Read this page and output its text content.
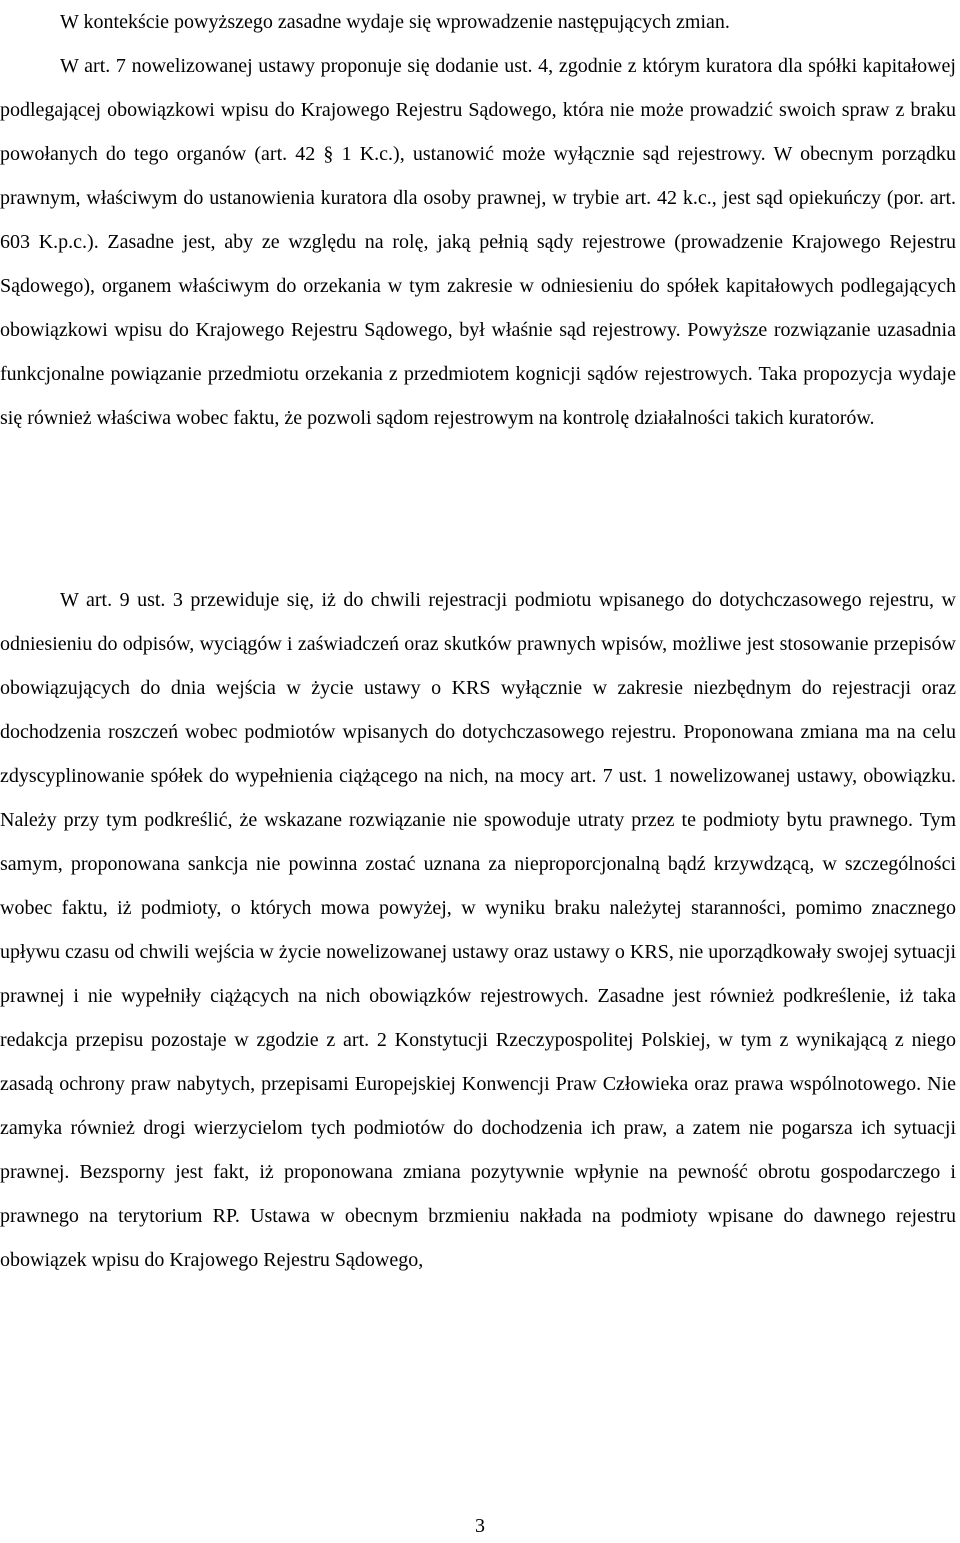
W kontekście powyższego zasadne wydaje się wprowadzenie następujących zmian.

W art. 7 nowelizowanej ustawy proponuje się dodanie ust. 4, zgodnie z którym kuratora dla spółki kapitałowej podlegającej obowiązkowi wpisu do Krajowego Rejestru Sądowego, która nie może prowadzić swoich spraw z braku powołanych do tego organów (art. 42 § 1 K.c.), ustanowić może wyłącznie sąd rejestrowy. W obecnym porządku prawnym, właściwym do ustanowienia kuratora dla osoby prawnej, w trybie art. 42 k.c., jest sąd opiekuńczy (por. art. 603 K.p.c.). Zasadne jest, aby ze względu na rolę, jaką pełnią sądy rejestrowe (prowadzenie Krajowego Rejestru Sądowego), organem właściwym do orzekania w tym zakresie w odniesieniu do spółek kapitałowych podlegających obowiązkowi wpisu do Krajowego Rejestru Sądowego, był właśnie sąd rejestrowy. Powyższe rozwiązanie uzasadnia funkcjonalne powiązanie przedmiotu orzekania z przedmiotem kognicji sądów rejestrowych. Taka propozycja wydaje się również właściwa wobec faktu, że pozwoli sądom rejestrowym na kontrolę działalności takich kuratorów.

W art. 9 ust. 3 przewiduje się, iż do chwili rejestracji podmiotu wpisanego do dotychczasowego rejestru, w odniesieniu do odpisów, wyciągów i zaświadczeń oraz skutków prawnych wpisów, możliwe jest stosowanie przepisów obowiązujących do dnia wejścia w życie ustawy o KRS wyłącznie w zakresie niezbędnym do rejestracji oraz dochodzenia roszczeń wobec podmiotów wpisanych do dotychczasowego rejestru. Proponowana zmiana ma na celu zdyscyplinowanie spółek do wypełnienia ciążącego na nich, na mocy art. 7 ust. 1 nowelizowanej ustawy, obowiązku. Należy przy tym podkreślić, że wskazane rozwiązanie nie spowoduje utraty przez te podmioty bytu prawnego. Tym samym, proponowana sankcja nie powinna zostać uznana za nieproporcjonalną bądź krzywdzącą, w szczególności wobec faktu, iż podmioty, o których mowa powyżej, w wyniku braku należytej staranności, pomimo znacznego upływu czasu od chwili wejścia w życie nowelizowanej ustawy oraz ustawy o KRS, nie uporządkowały swojej sytuacji prawnej i nie wypełniły ciążących na nich obowiązków rejestrowych. Zasadne jest również podkreślenie, iż taka redakcja przepisu pozostaje w zgodzie z art. 2 Konstytucji Rzeczypospolitej Polskiej, w tym z wynikającą z niego zasadą ochrony praw nabytych, przepisami Europejskiej Konwencji Praw Człowieka oraz prawa wspólnotowego. Nie zamyka również drogi wierzycielom tych podmiotów do dochodzenia ich praw, a zatem nie pogarsza ich sytuacji prawnej. Bezsporny jest fakt, iż proponowana zmiana pozytywnie wpłynie na pewność obrotu gospodarczego i prawnego na terytorium RP. Ustawa w obecnym brzmieniu nakłada na podmioty wpisane do dawnego rejestru obowiązek wpisu do Krajowego Rejestru Sądowego,

3
